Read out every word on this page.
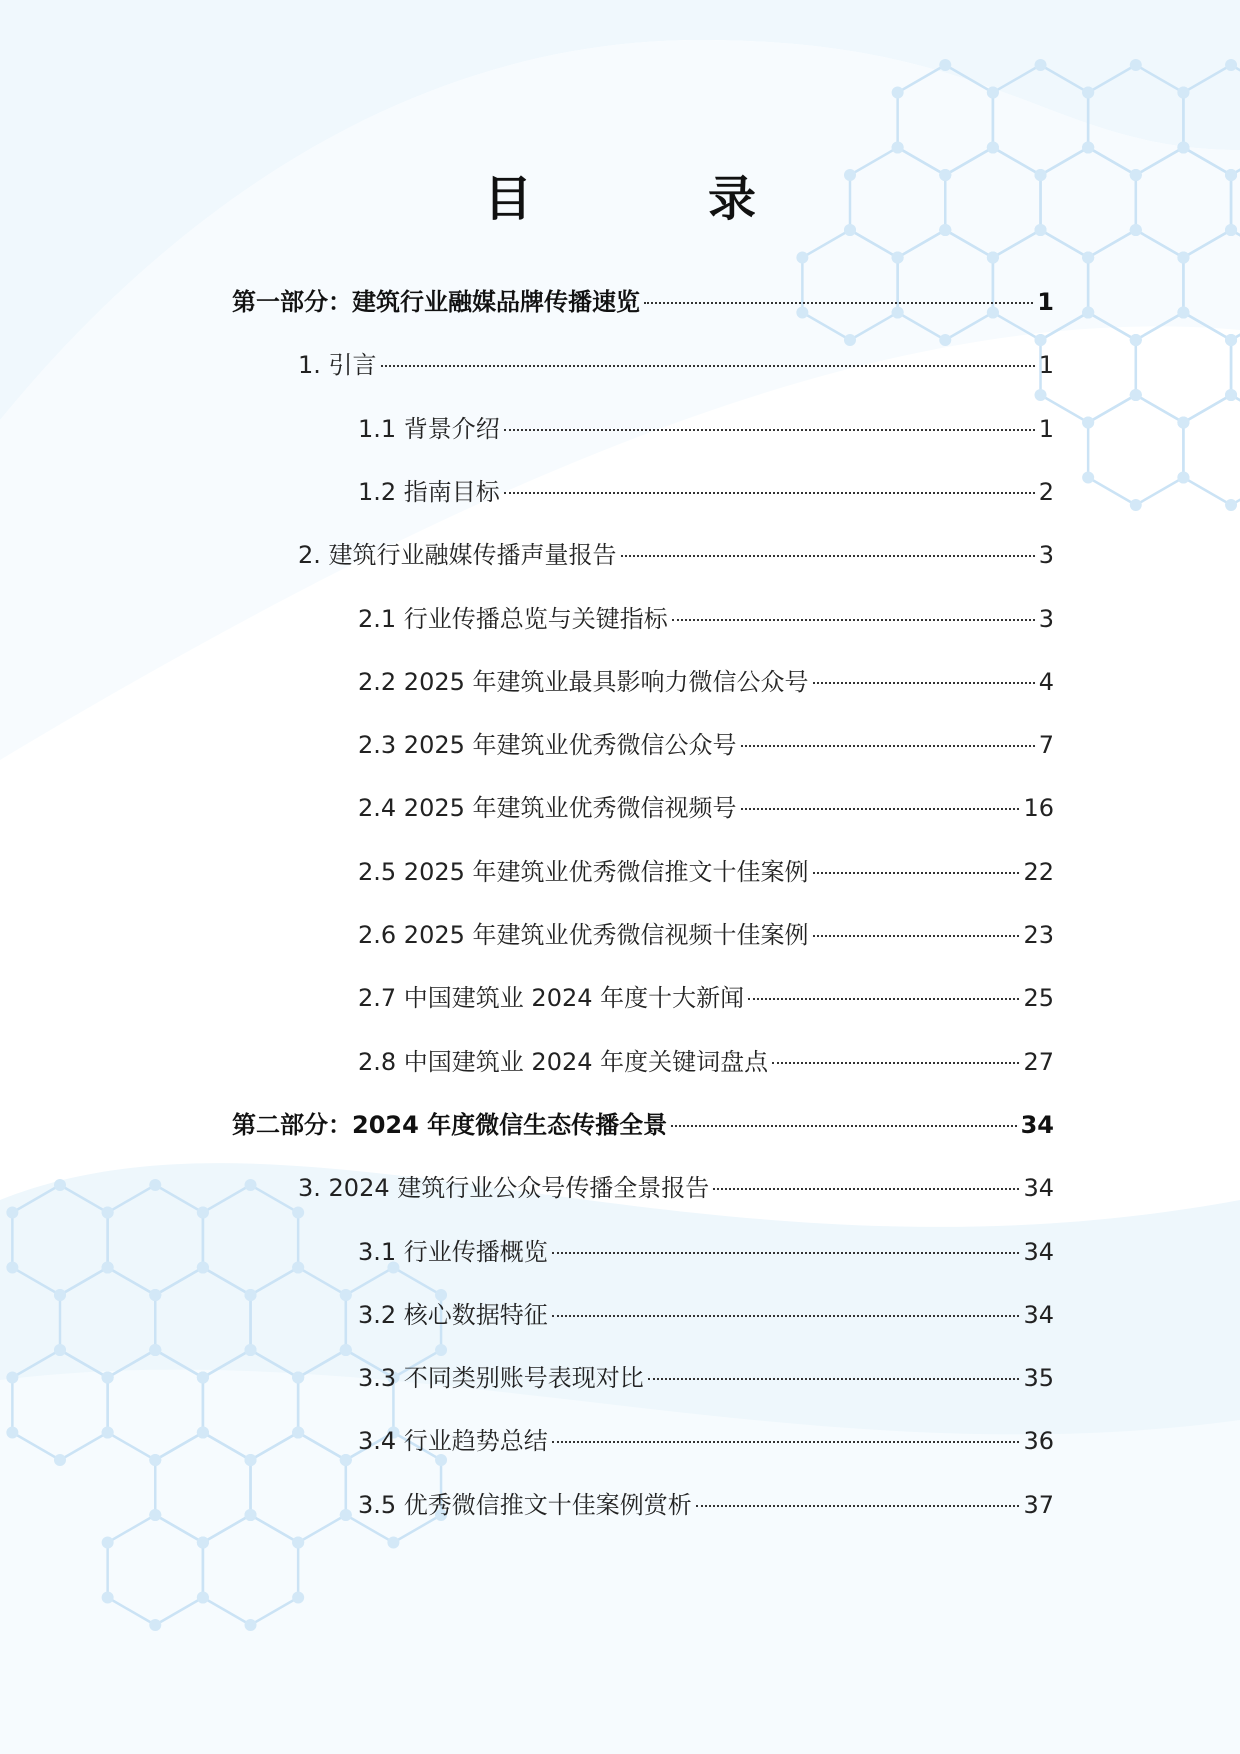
目　录
第一部分：建筑行业融媒品牌传播速览	1
1. 引言	1
1.1 背景介绍	1
1.2 指南目标	2
2. 建筑行业融媒传播声量报告	3
2.1 行业传播总览与关键指标	3
2.2 2025 年建筑业最具影响力微信公众号	4
2.3 2025 年建筑业优秀微信公众号	7
2.4 2025 年建筑业优秀微信视频号	16
2.5 2025 年建筑业优秀微信推文十佳案例	22
2.6 2025 年建筑业优秀微信视频十佳案例	23
2.7 中国建筑业 2024 年度十大新闻	25
2.8 中国建筑业 2024 年度关键词盘点	27
第二部分：2024 年度微信生态传播全景	34
3. 2024 建筑行业公众号传播全景报告	34
3.1 行业传播概览	34
3.2 核心数据特征	34
3.3 不同类别账号表现对比	35
3.4 行业趋势总结	36
3.5 优秀微信推文十佳案例赏析	37
